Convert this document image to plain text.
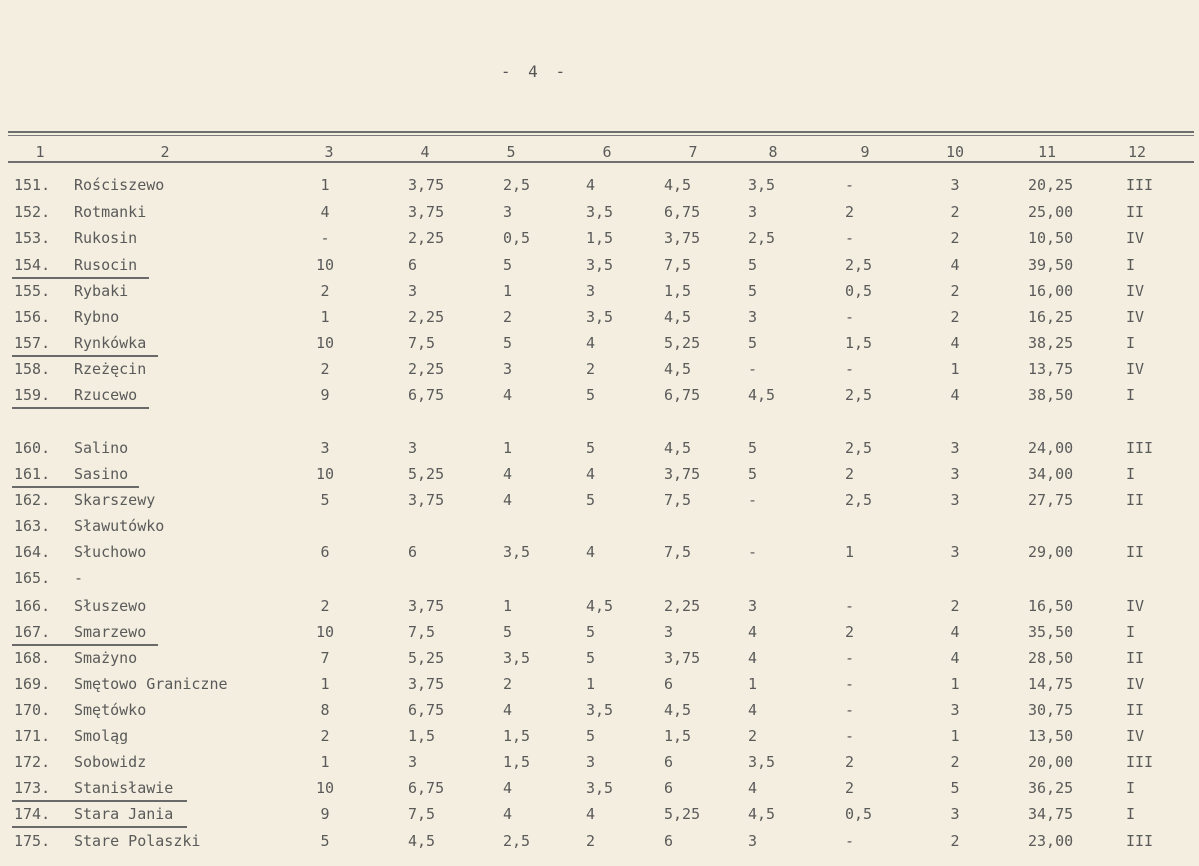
- 4 -
1	2	3	4	5	6	7	8	9	10	11	12
151.	Rościszewo	1	3,75	2,5	4	4,5	3,5	-	3	20,25	III
152.	Rotmanki	4	3,75	3	3,5	6,75	3	2	2	25,00	II
153.	Rukosin	-	2,25	0,5	1,5	3,75	2,5	-	2	10,50	IV
154.	Rusocin	10	6	5	3,5	7,5	5	2,5	4	39,50	I
155.	Rybaki	2	3	1	3	1,5	5	0,5	2	16,00	IV
156.	Rybno	1	2,25	2	3,5	4,5	3	-	2	16,25	IV
157.	Rynkówka	10	7,5	5	4	5,25	5	1,5	4	38,25	I
158.	Rzeżęcin	2	2,25	3	2	4,5	-	-	1	13,75	IV
159.	Rzucewo	9	6,75	4	5	6,75	4,5	2,5	4	38,50	I
160.	Salino	3	3	1	5	4,5	5	2,5	3	24,00	III
161.	Sasino	10	5,25	4	4	3,75	5	2	3	34,00	I
162.	Skarszewy	5	3,75	4	5	7,5	-	2,5	3	27,75	II
163.	Sławutówko
164.	Słuchowo	6	6	3,5	4	7,5	-	1	3	29,00	II
165.	-
166.	Słuszewo	2	3,75	1	4,5	2,25	3	-	2	16,50	IV
167.	Smarzewo	10	7,5	5	5	3	4	2	4	35,50	I
168.	Smażyno	7	5,25	3,5	5	3,75	4	-	4	28,50	II
169.	Smętowo Graniczne	1	3,75	2	1	6	1	-	1	14,75	IV
170.	Smętówko	8	6,75	4	3,5	4,5	4	-	3	30,75	II
171.	Smoląg	2	1,5	1,5	5	1,5	2	-	1	13,50	IV
172.	Sobowidz	1	3	1,5	3	6	3,5	2	2	20,00	III
173.	Stanisławie	10	6,75	4	3,5	6	4	2	5	36,25	I
174.	Stara Jania	9	7,5	4	4	5,25	4,5	0,5	3	34,75	I
175.	Stare Polaszki	5	4,5	2,5	2	6	3	-	2	23,00	III
